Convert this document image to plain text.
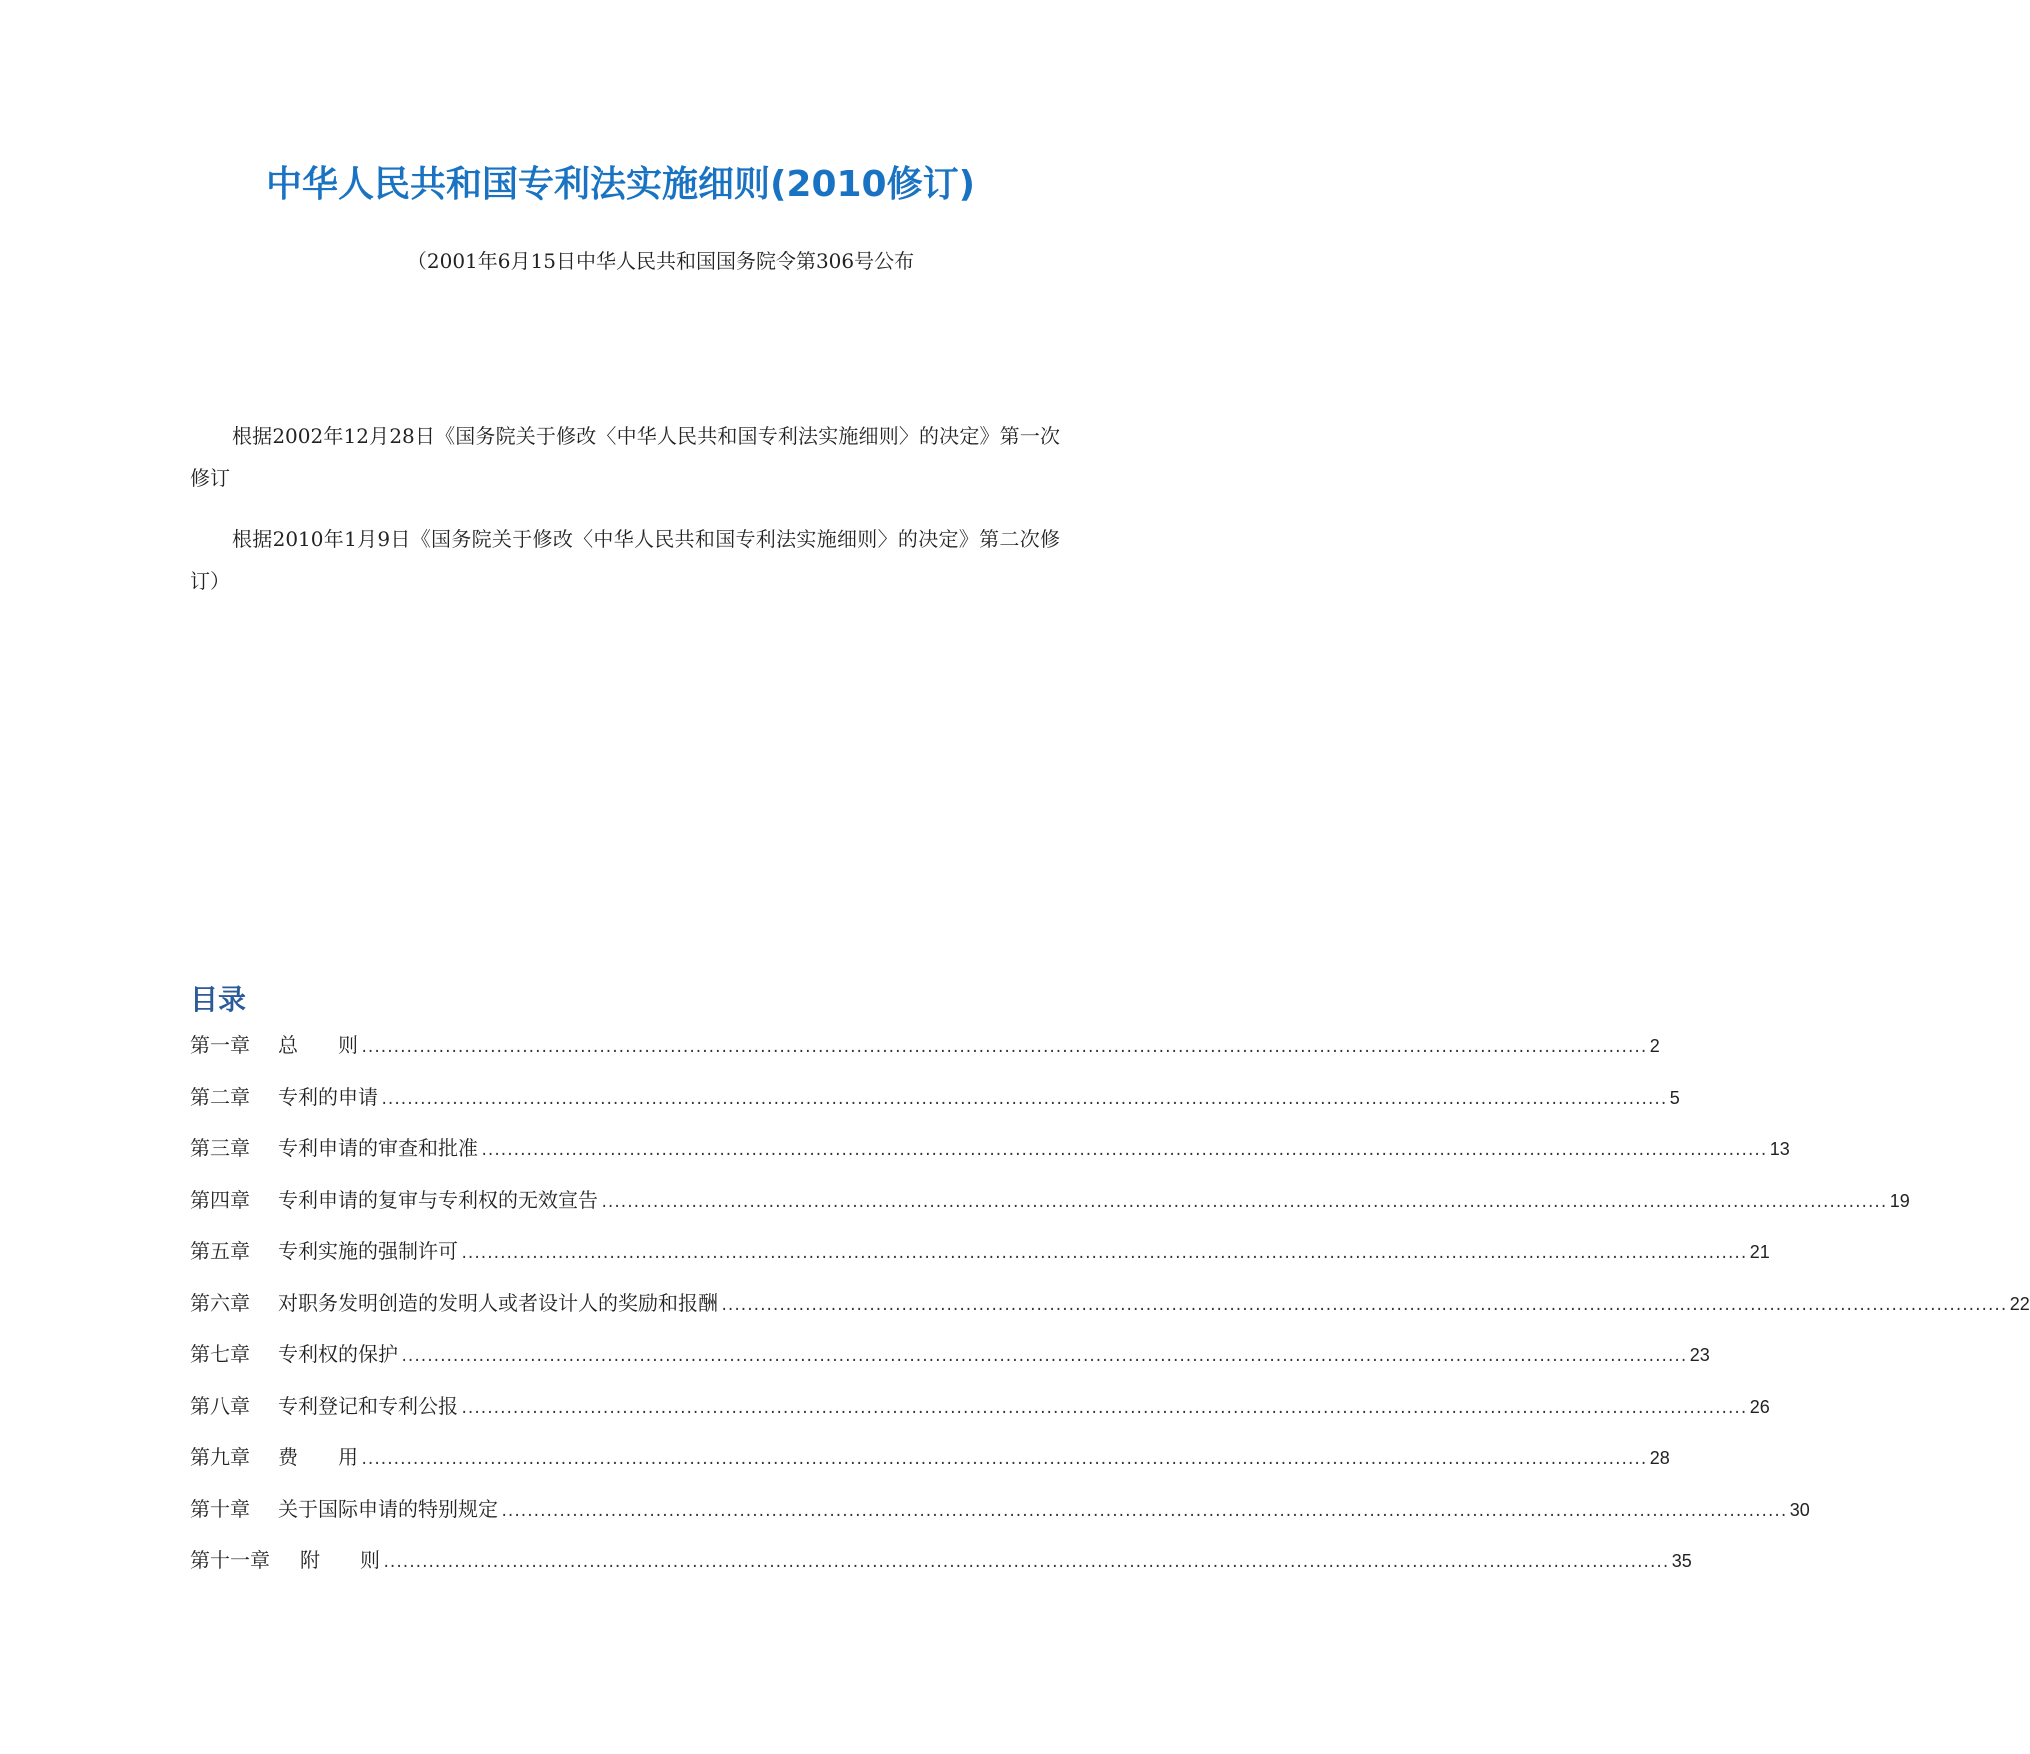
中华人民共和国专利法实施细则(2010修订)
（2001年6月15日中华人民共和国国务院令第306号公布

根据2002年12月28日《国务院关于修改〈中华人民共和国专利法实施细则〉的决定》第一次修订

根据2010年1月9日《国务院关于修改〈中华人民共和国专利法实施细则〉的决定》第二次修订）

目录
第一章	总　　则 ........................................................................................................................................................................................................ 2
第二章	专利的申请 ........................................................................................................................................................................................................ 5
第三章	专利申请的审查和批准 ........................................................................................................................................................................................................ 13
第四章	专利申请的复审与专利权的无效宣告 ........................................................................................................................................................................................................ 19
第五章	专利实施的强制许可 ........................................................................................................................................................................................................ 21
第六章	对职务发明创造的发明人或者设计人的奖励和报酬 ........................................................................................................................................................................................................ 22
第七章	专利权的保护 ........................................................................................................................................................................................................ 23
第八章	专利登记和专利公报 ........................................................................................................................................................................................................ 26
第九章	费　　用 ........................................................................................................................................................................................................ 28
第十章	关于国际申请的特别规定 ........................................................................................................................................................................................................ 30
第十一章	附　　则 ........................................................................................................................................................................................................ 35
